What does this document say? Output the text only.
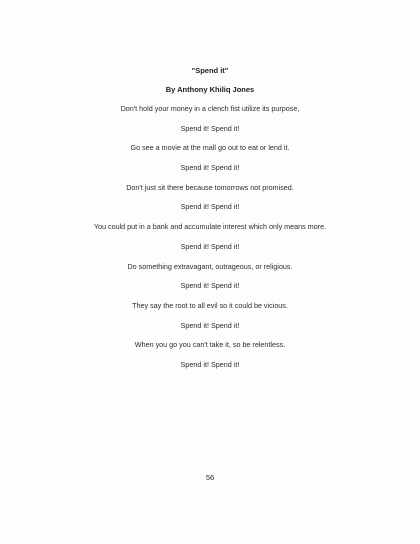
"Spend it"

By Anthony Khiliq Jones

Don't hold your money in a clench fist utilize its purpose,
Spend it! Spend it!
Go see a movie at the mall go out to eat or lend it.
Spend it! Spend it!
Don't just sit there because tomorrows not promised.
Spend it! Spend it!
You could put in a bank and accumulate interest which only means more.
Spend it! Spend it!
Do something extravagant, outrageous, or religious.
Spend it! Spend it!
They say the root to all evil so it could be vicious.
Spend it! Spend it!
When you go you can't take it, so be relentless.
Spend it! Spend it!
56
